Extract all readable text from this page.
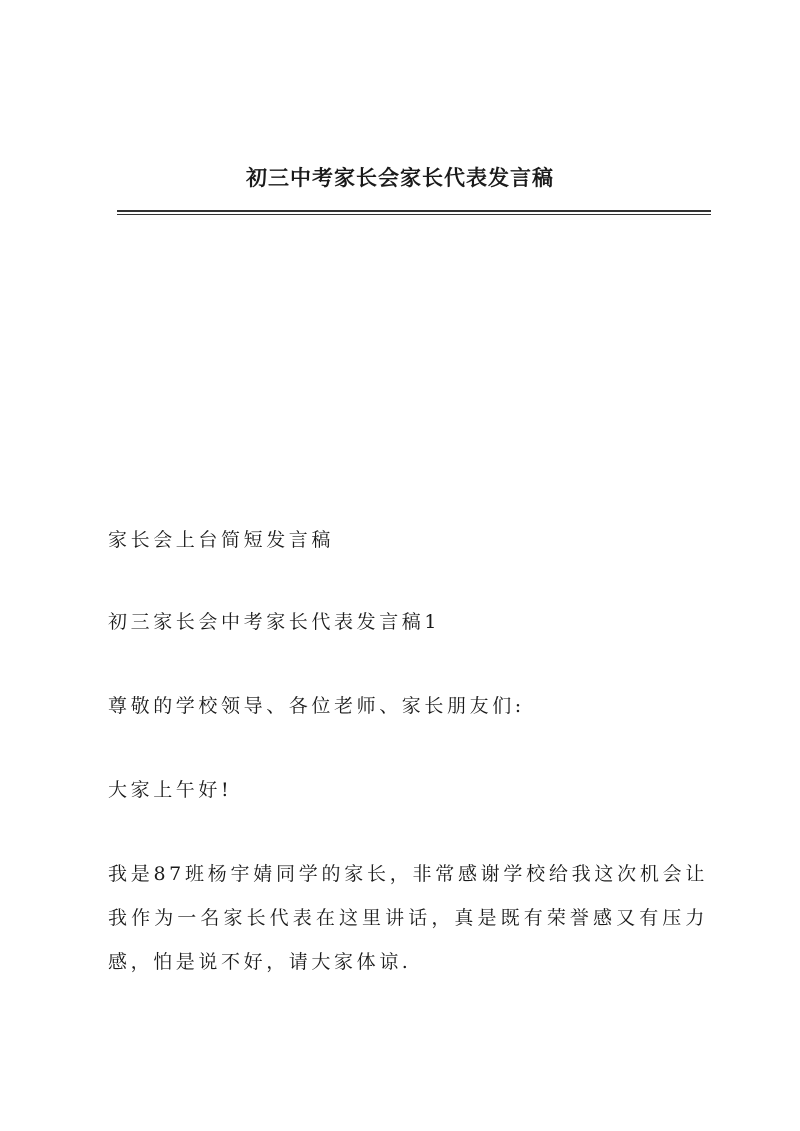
初三中考家长会家长代表发言稿
家长会上台简短发言稿
初三家长会中考家长代表发言稿1
尊敬的学校领导、各位老师、家长朋友们:
大家上午好!
我是87班杨宇婧同学的家长，非常感谢学校给我这次机会让我作为一名家长代表在这里讲话，真是既有荣誉感又有压力感，怕是说不好，请大家体谅.
